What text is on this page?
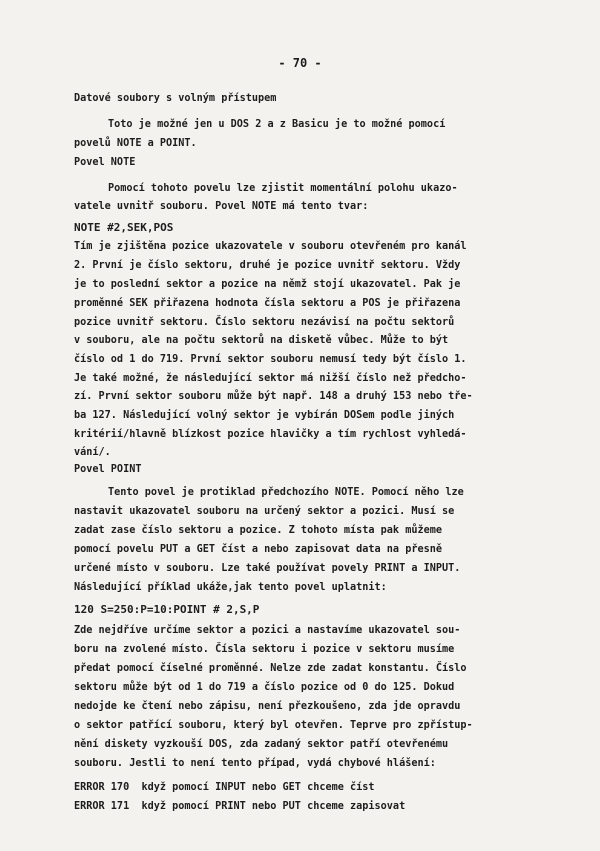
- 70 -
Datové soubory s volným přístupem
Toto je možné jen u DOS 2 a z Basicu je to možné pomocí
povelů NOTE a POINT.
Povel NOTE
Pomocí tohoto povelu lze zjistit momentální polohu ukazo-
vatele uvnitř souboru. Povel NOTE má tento tvar:
NOTE #2,SEK,POS
Tím je zjištěna pozice ukazovatele v souboru otevřeném pro kanál
2. První je číslo sektoru, druhé je pozice uvnitř sektoru. Vždy
je to poslední sektor a pozice na němž stojí ukazovatel. Pak je
proměnné SEK přiřazena hodnota čísla sektoru a POS je přiřazena
pozice uvnitř sektoru. Číslo sektoru nezávisí na počtu sektorů
v souboru, ale na počtu sektorů na disketě vůbec. Může to být
číslo od 1 do 719. První sektor souboru nemusí tedy být číslo 1.
Je také možné, že následující sektor má nižší číslo než předcho-
zí. První sektor souboru může být např. 148 a druhý 153 nebo tře-
ba 127. Následující volný sektor je vybírán DOSem podle jiných
kritérií/hlavně blízkost pozice hlavičky a tím rychlost vyhledá-
vání/.
Povel POINT
Tento povel je protiklad předchozího NOTE. Pomocí něho lze
nastavit ukazovatel souboru na určený sektor a pozici. Musí se
zadat zase číslo sektoru a pozice. Z tohoto místa pak můžeme
pomocí povelu PUT a GET číst a nebo zapisovat data na přesně
určené místo v souboru. Lze také používat povely PRINT a INPUT.
Následující příklad ukáže,jak tento povel uplatnit:
120 S=250:P=10:POINT # 2,S,P
Zde nejdříve určíme sektor a pozici a nastavíme ukazovatel sou-
boru na zvolené místo. Čísla sektoru i pozice v sektoru musíme
předat pomocí číselné proměnné. Nelze zde zadat konstantu. Číslo
sektoru může být od 1 do 719 a číslo pozice od 0 do 125. Dokud
nedojde ke čtení nebo zápisu, není přezkoušeno, zda jde opravdu
o sektor patřící souboru, který byl otevřen. Teprve pro zpřístup-
nění diskety vyzkouší DOS, zda zadaný sektor patří otevřenému
souboru. Jestli to není tento případ, vydá chybové hlášení:
ERROR 170  když pomocí INPUT nebo GET chceme číst
ERROR 171  když pomocí PRINT nebo PUT chceme zapisovat
